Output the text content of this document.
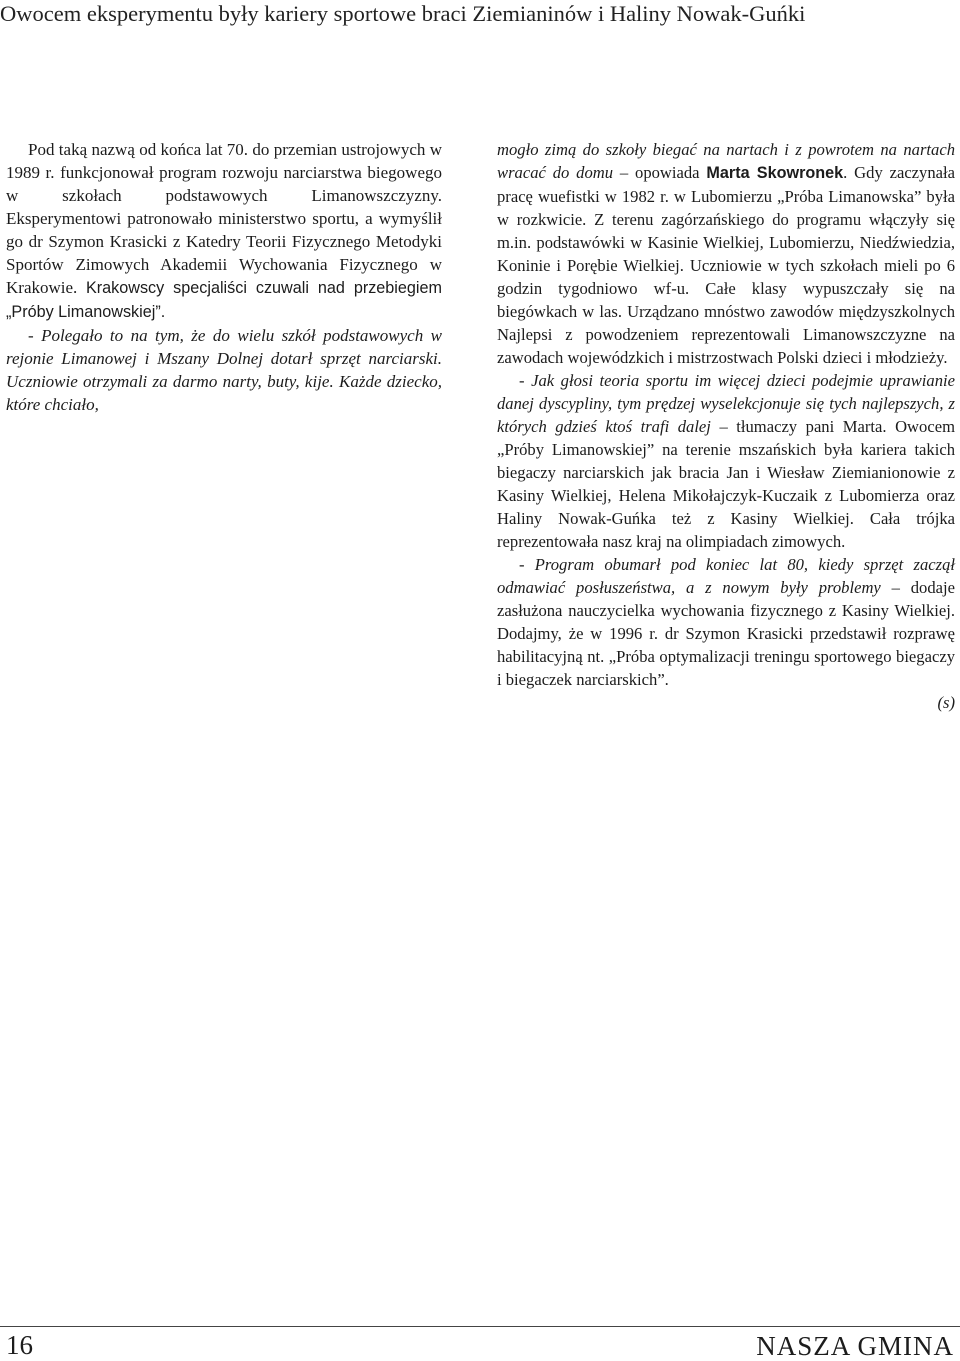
Owocem eksperymentu były kariery sportowe braci Ziemianinów i Haliny Nowak-Guńki

Pod taką nazwą od końca lat 70. do przemian ustrojowych w 1989 r. funkcjonował program rozwoju narciarstwa biegowego w szkołach podstawowych Limanowszczyzny. Eksperymentowi patronowało ministerstwo sportu, a wymyślił go dr Szymon Krasicki z Katedry Teorii Fizycznego Metodyki Sportów Zimowych Akademii Wychowania Fizycznego w Krakowie. Krakowscy specjaliści czuwali nad przebiegiem „Próby Limanowskiej”.

- Polegało to na tym, że do wielu szkół podstawowych w rejonie Limanowej i Mszany Dolnej dotarł sprzęt narciarski. Uczniowie otrzymali za darmo narty, buty, kije. Każde dziecko, które chciało,

mogło zimą do szkoły biegać na nartach i z powrotem na nartach wracać do domu – opowiada Marta Skowronek. Gdy zaczynała pracę wuefistki w 1982 r. w Lubomierzu „Próba Limanowska” była w rozkwicie. Z terenu zagórzańskiego do programu włączyły się m.in. podstawówki w Kasinie Wielkiej, Lubomierzu, Niedźwiedzia, Koninie i Porębie Wielkiej. Uczniowie w tych szkołach mieli po 6 godzin tygodniowo wf-u. Całe klasy wypuszczały się na biegówkach w las. Urządzano mnóstwo zawodów międzyszkolnych Najlepsi z powodzeniem reprezentowali Limanowszczyzne na zawodach wojewódzkich i mistrzostwach Polski dzieci i młodzieży.

- Jak głosi teoria sportu im więcej dzieci podejmie uprawianie danej dyscypliny, tym prędzej wyselekcjonuje się tych najlepszych, z których gdzieś ktoś trafi dalej – tłumaczy pani Marta. Owocem „Próby Limanowskiej” na terenie mszańskich była kariera takich biegaczy narciarskich jak bracia Jan i Wiesław Ziemianionowie z Kasiny Wielkiej, Helena Mikołajczyk-Kuczaik z Lubomierza oraz Haliny Nowak-Guńka też z Kasiny Wielkiej. Cała trójka reprezentowała nasz kraj na olimpiadach zimowych.

- Program obumarł pod koniec lat 80, kiedy sprzęt zaczął odmawiać posłuszeństwa, a z nowym były problemy – dodaje zasłużona nauczycielka wychowania fizycznego z Kasiny Wielkiej. Dodajmy, że w 1996 r. dr Szymon Krasicki przedstawił rozprawę habilitacyjną nt. „Próba optymalizacji treningu sportowego biegaczy i biegaczek narciarskich”.

(s)

16	NASZA GMINA
